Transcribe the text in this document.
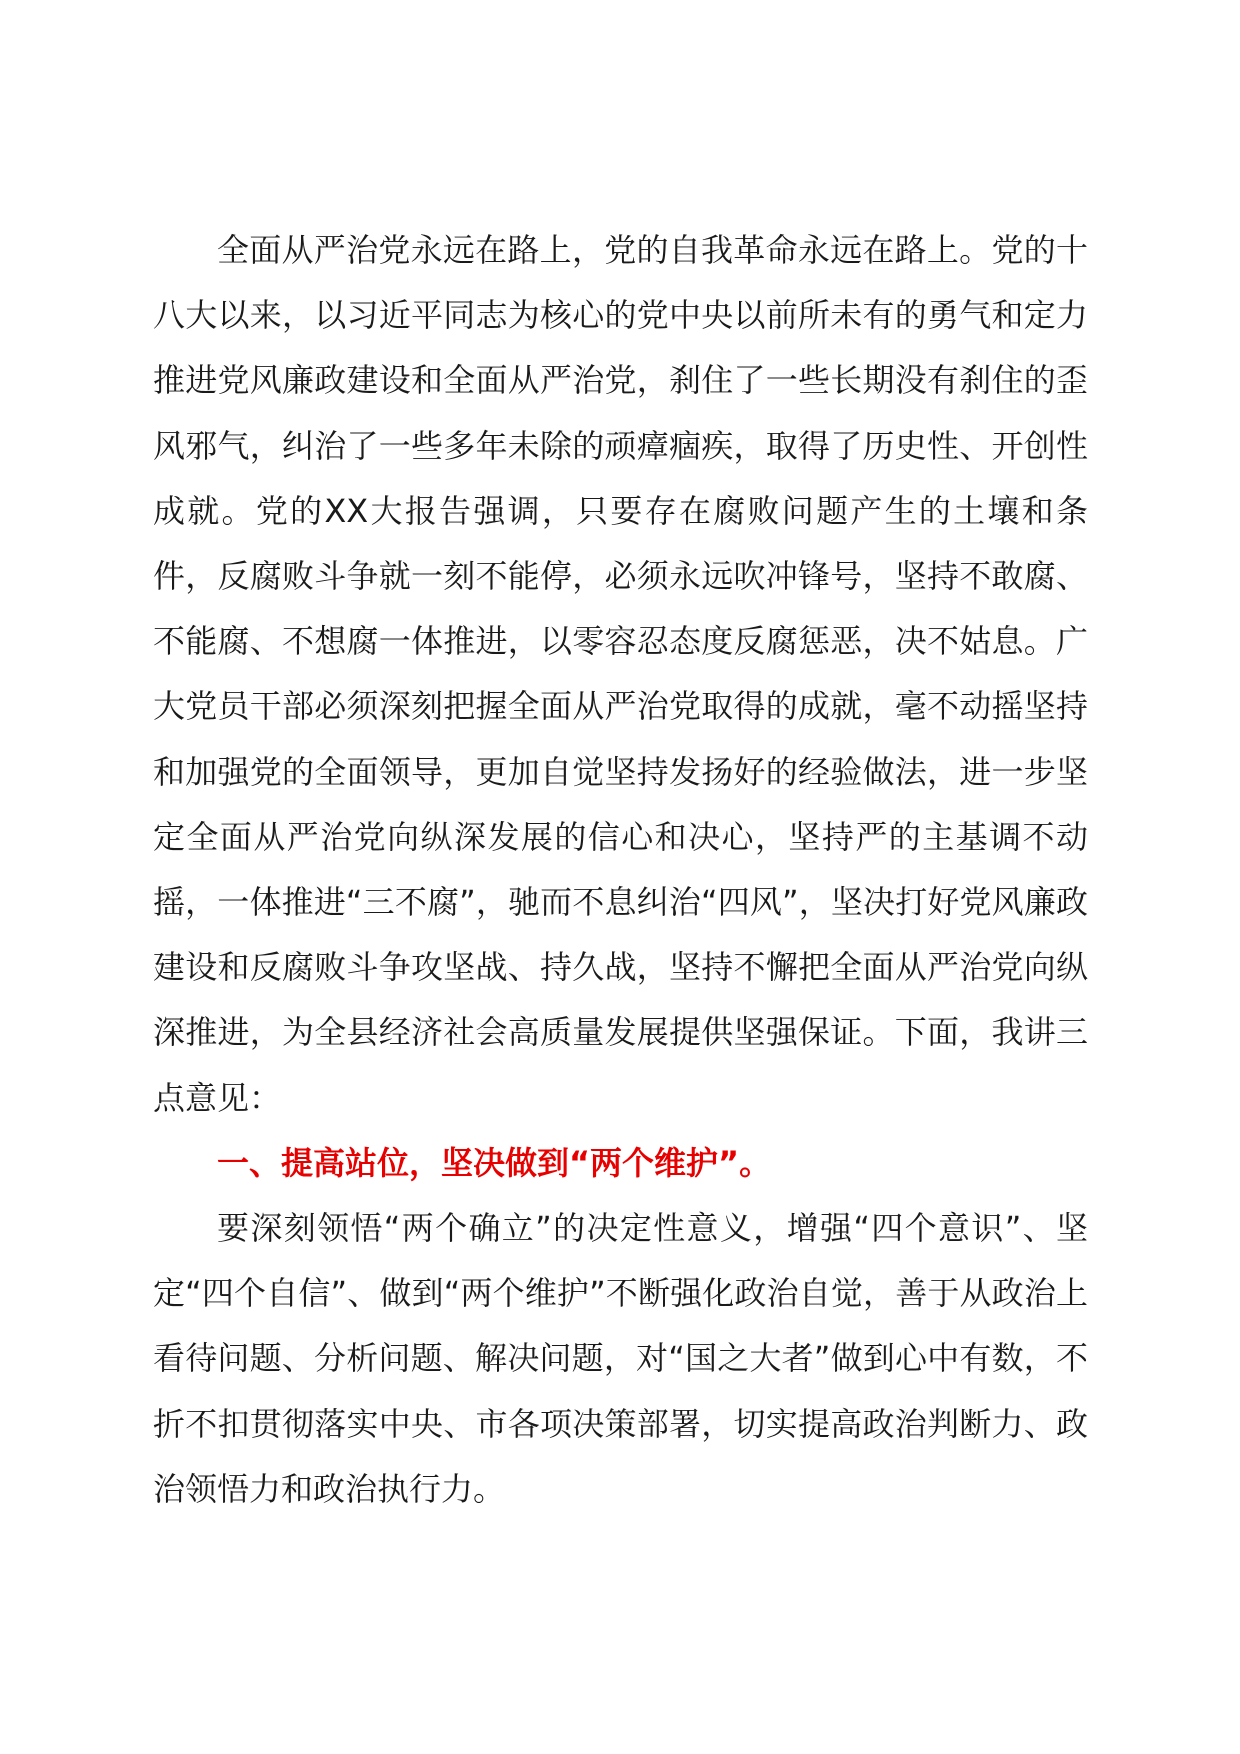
全面从严治党永远在路上，党的自我革命永远在路上。党的十八大以来，以习近平同志为核心的党中央以前所未有的勇气和定力推进党风廉政建设和全面从严治党，刹住了一些长期没有刹住的歪风邪气，纠治了一些多年未除的顽瘴痼疾，取得了历史性、开创性成就。党的XX大报告强调，只要存在腐败问题产生的土壤和条件，反腐败斗争就一刻不能停，必须永远吹冲锋号，坚持不敢腐、不能腐、不想腐一体推进，以零容忍态度反腐惩恶，决不姑息。广大党员干部必须深刻把握全面从严治党取得的成就，毫不动摇坚持和加强党的全面领导，更加自觉坚持发扬好的经验做法，进一步坚定全面从严治党向纵深发展的信心和决心，坚持严的主基调不动摇，一体推进“三不腐”，驰而不息纠治“四风”，坚决打好党风廉政建设和反腐败斗争攻坚战、持久战，坚持不懈把全面从严治党向纵深推进，为全县经济社会高质量发展提供坚强保证。下面，我讲三点意见：

一、提高站位，坚决做到“两个维护”。

要深刻领悟“两个确立”的决定性意义，增强“四个意识”、坚定“四个自信”、做到“两个维护”不断强化政治自觉，善于从政治上看待问题、分析问题、解决问题，对“国之大者”做到心中有数，不折不扣贯彻落实中央、市各项决策部署，切实提高政治判断力、政治领悟力和政治执行力。
